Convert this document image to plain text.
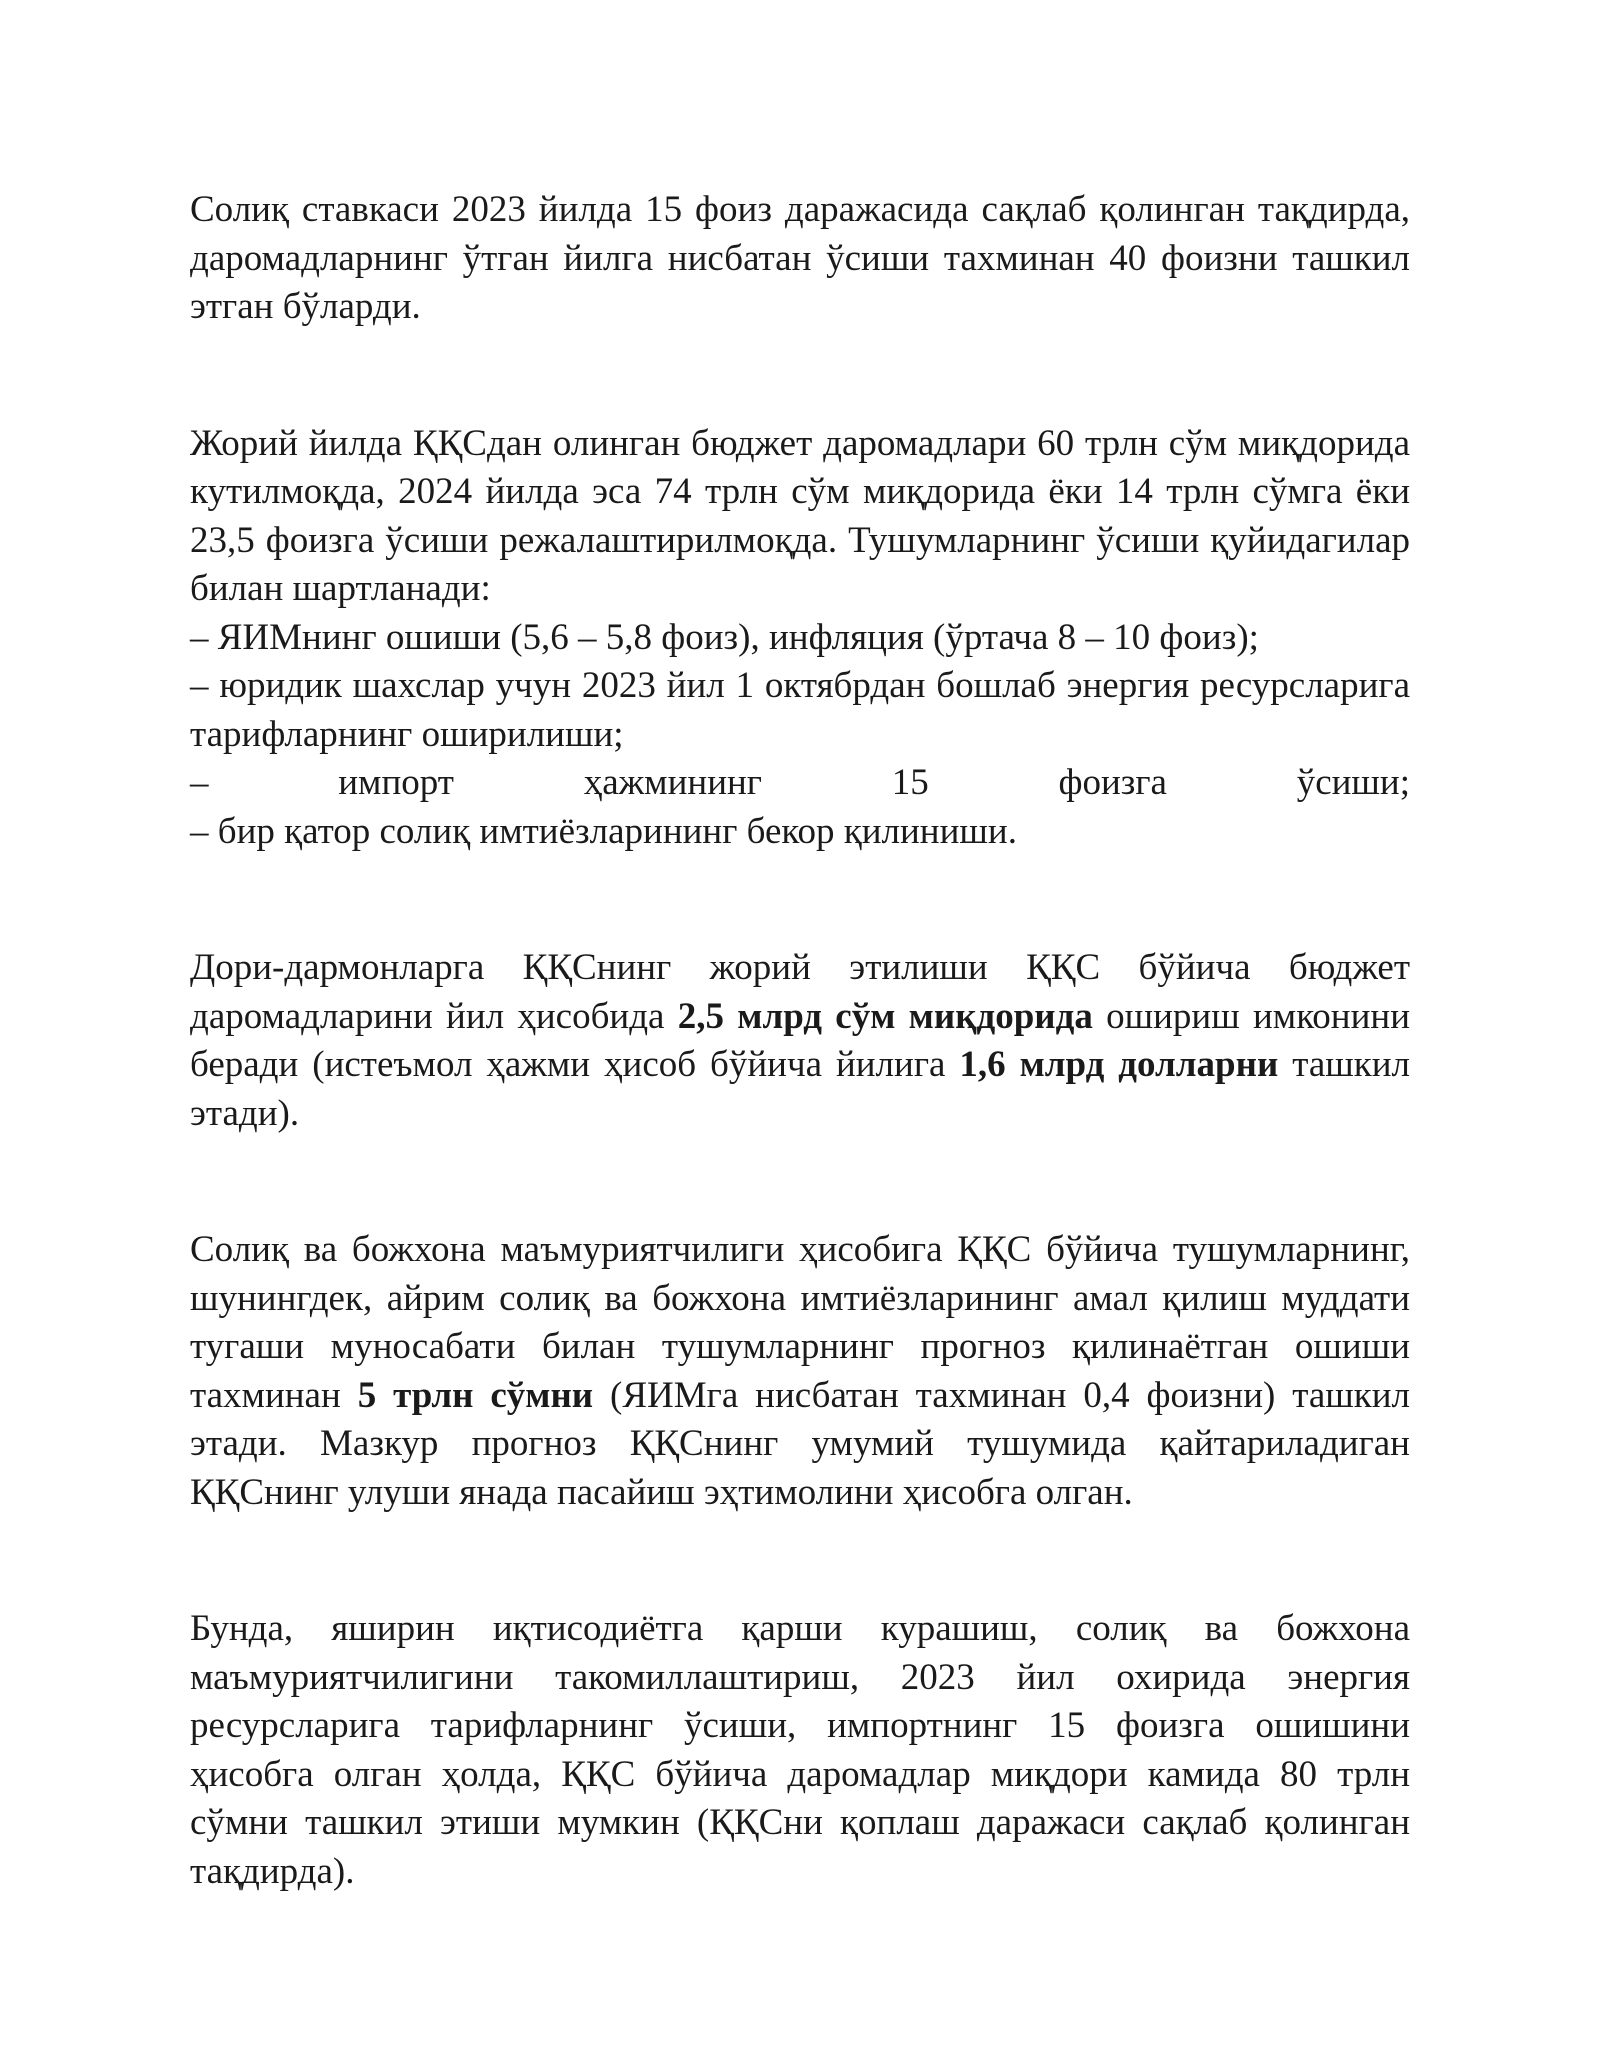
Солиқ ставкаси 2023 йилда 15 фоиз даражасида сақлаб қолинган тақдирда, даромадларнинг ўтган йилга нисбатан ўсиши тахминан 40 фоизни ташкил этган бўларди.

Жорий йилда ҚҚСдан олинган бюджет даромадлари 60 трлн сўм миқдорида кутилмоқда, 2024 йилда эса 74 трлн сўм миқдорида ёки 14 трлн сўмга ёки 23,5 фоизга ўсиши режалаштирилмоқда. Тушумларнинг ўсиши қуйидагилар билан шартланади:

– ЯИМнинг ошиши (5,6 – 5,8 фоиз), инфляция (ўртача 8 – 10 фоиз);
– юридик шахслар учун 2023 йил 1 октябрдан бошлаб энергия ресурсларига тарифларнинг оширилиши;
– импорт ҳажмининг 15 фоизга ўсиши;
– бир қатор солиқ имтиёзларининг бекор қилиниши.

Дори-дармонларга ҚҚСнинг жорий этилиши ҚҚС бўйича бюджет даромадларини йил ҳисобида 2,5 млрд сўм миқдорида ошириш имконини беради (истеъмол ҳажми ҳисоб бўйича йилига 1,6 млрд долларни ташкил этади).

Солиқ ва божхона маъмуриятчилиги ҳисобига ҚҚС бўйича тушумларнинг, шунингдек, айрим солиқ ва божхона имтиёзларининг амал қилиш муддати тугаши муносабати билан тушумларнинг прогноз қилинаётган ошиши тахминан 5 трлн сўмни (ЯИМга нисбатан тахминан 0,4 фоизни) ташкил этади. Мазкур прогноз ҚҚСнинг умумий тушумида қайтариладиган ҚҚСнинг улуши янада пасайиш эҳтимолини ҳисобга олган.

Бунда, яширин иқтисодиётга қарши курашиш, солиқ ва божхона маъмуриятчилигини такомиллаштириш, 2023 йил охирида энергия ресурсларига тарифларнинг ўсиши, импортнинг 15 фоизга ошишини ҳисобга олган ҳолда, ҚҚС бўйича даромадлар миқдори камида 80 трлн сўмни ташкил этиши мумкин (ҚҚСни қоплаш даражаси сақлаб қолинган тақдирда).
